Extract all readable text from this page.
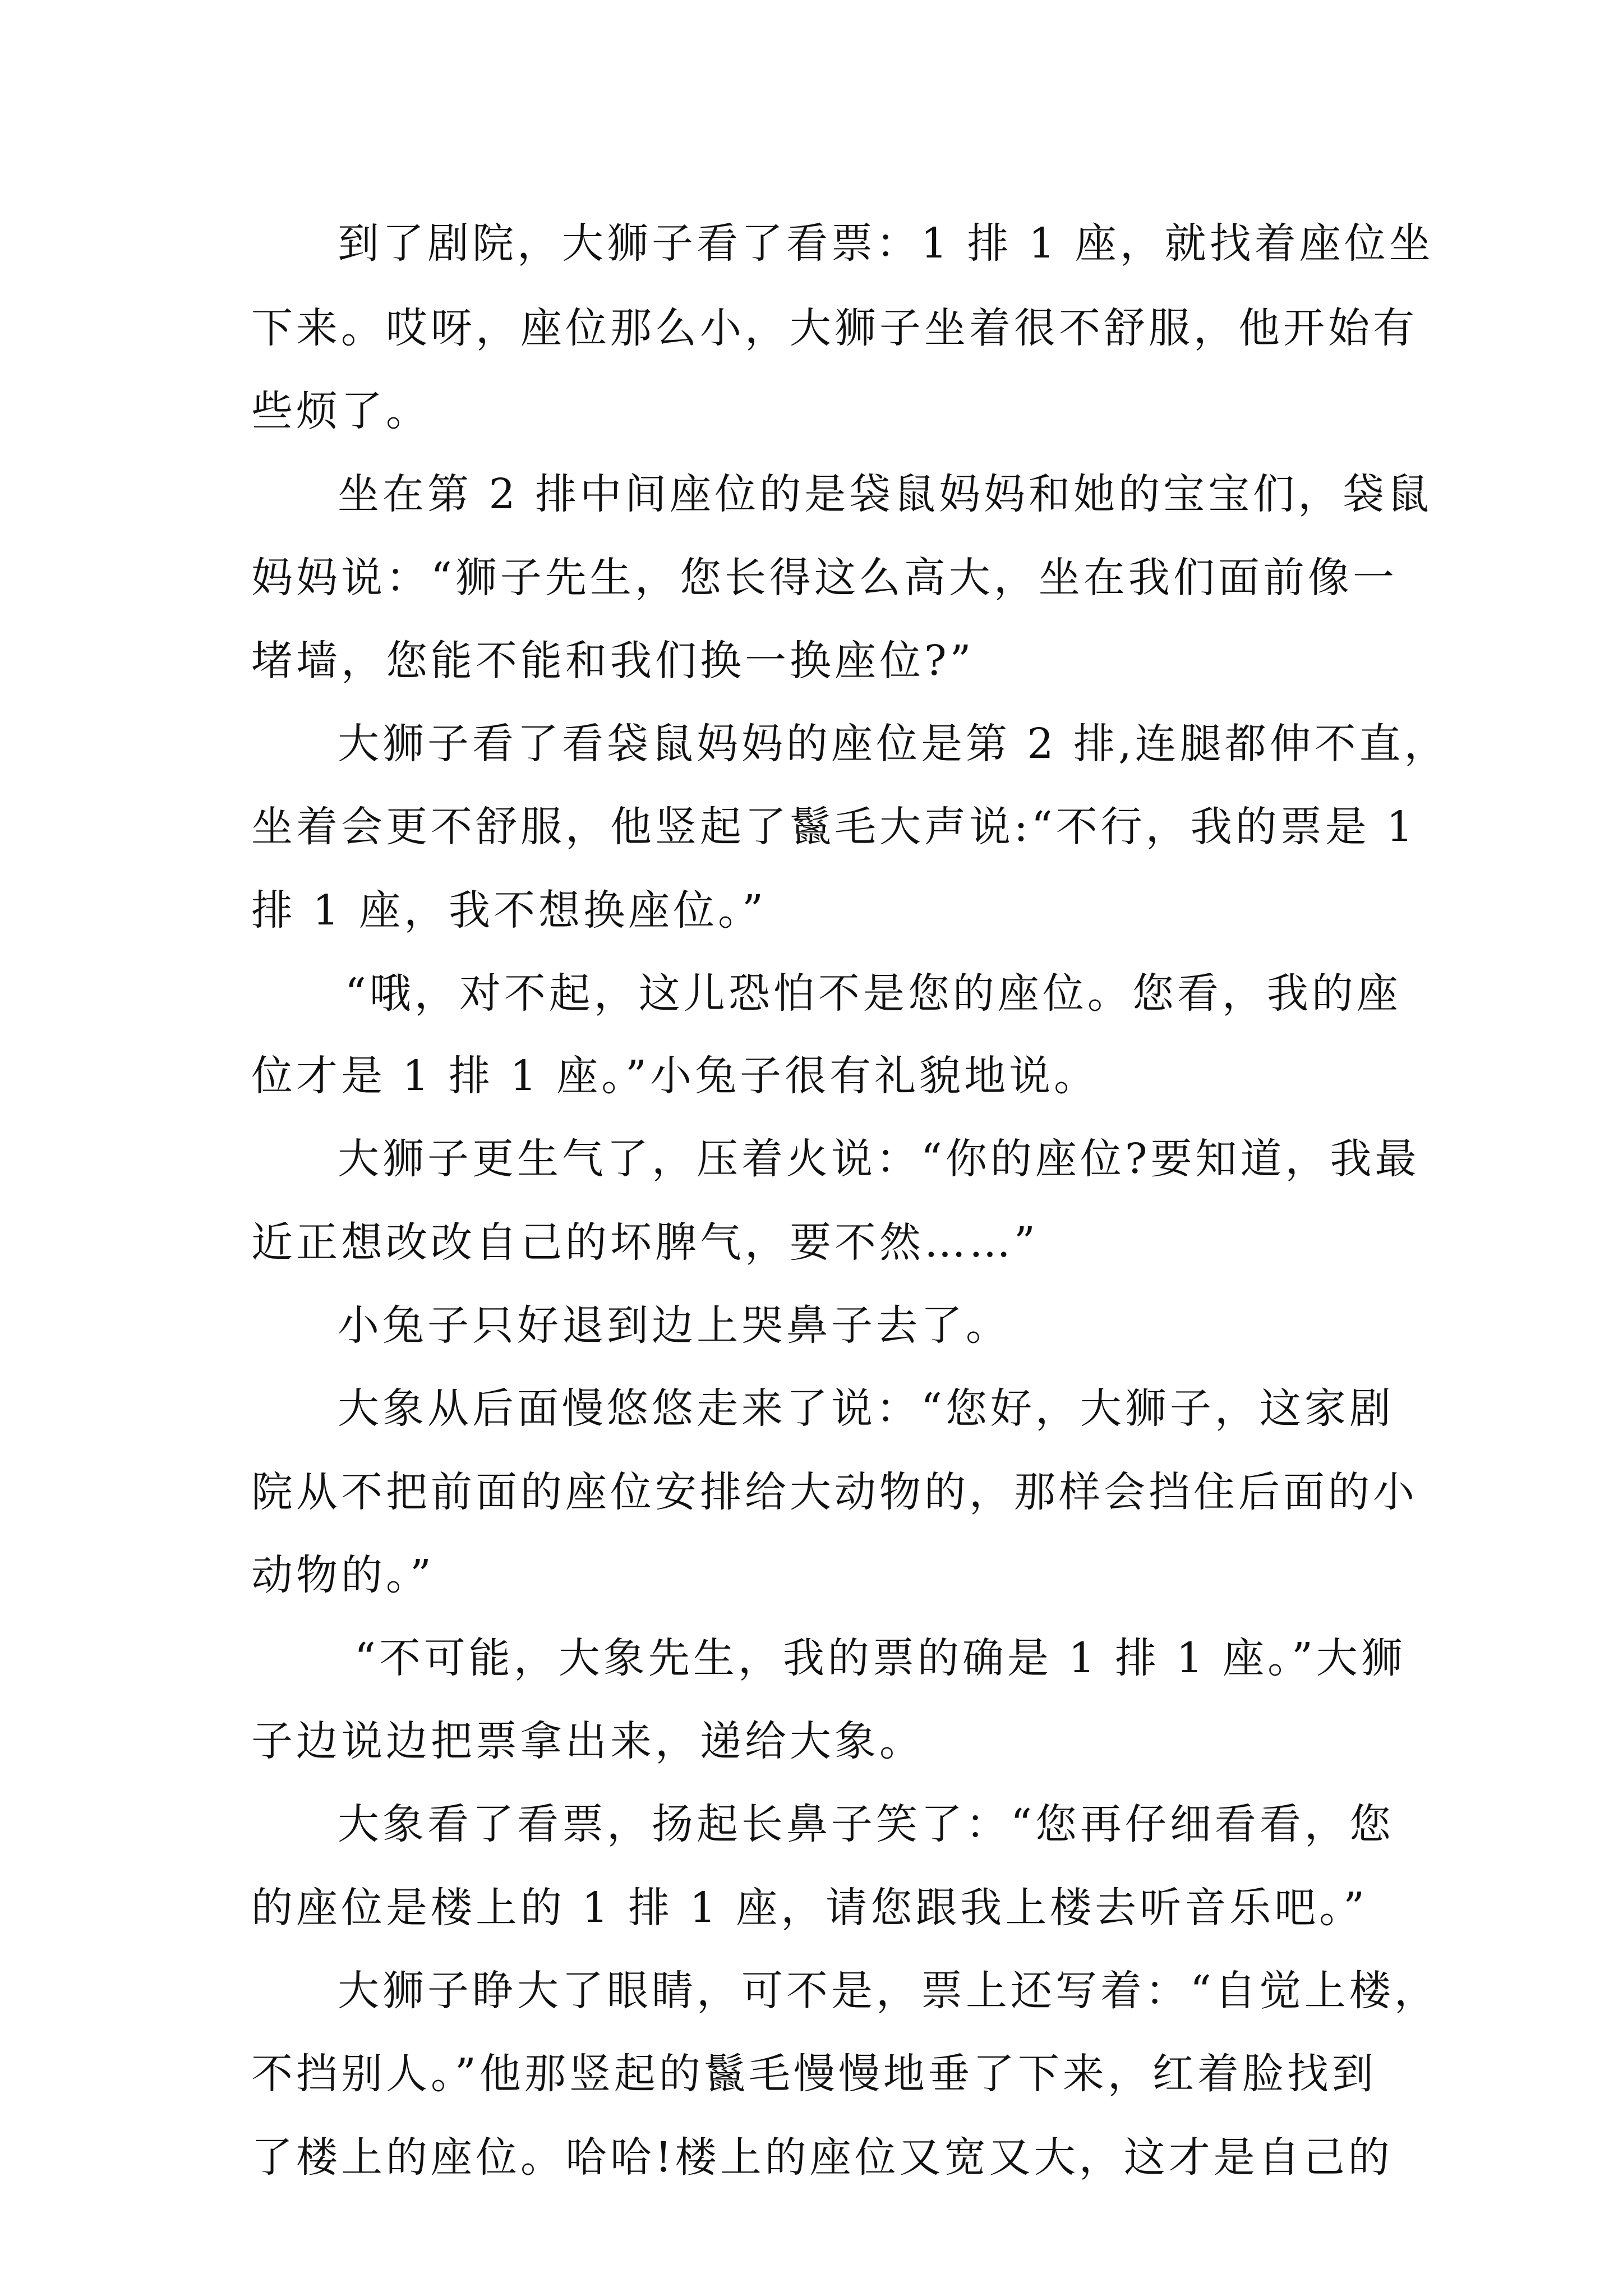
到了剧院，大狮子看了看票：1 排 1 座，就找着座位坐
下来。哎呀，座位那么小，大狮子坐着很不舒服，他开始有
些烦了。
坐在第 2 排中间座位的是袋鼠妈妈和她的宝宝们，袋鼠
妈妈说：“狮子先生，您长得这么高大，坐在我们面前像一
堵墙，您能不能和我们换一换座位?”
大狮子看了看袋鼠妈妈的座位是第 2 排,连腿都伸不直，
坐着会更不舒服，他竖起了鬣毛大声说:“不行，我的票是 1
排 1 座，我不想换座位。”
“哦，对不起，这儿恐怕不是您的座位。您看，我的座
位才是 1 排 1 座。”小兔子很有礼貌地说。
大狮子更生气了，压着火说：“你的座位?要知道，我最
近正想改改自己的坏脾气，要不然……”
小兔子只好退到边上哭鼻子去了。
大象从后面慢悠悠走来了说：“您好，大狮子，这家剧
院从不把前面的座位安排给大动物的，那样会挡住后面的小
动物的。”
“不可能，大象先生，我的票的确是 1 排 1 座。”大狮
子边说边把票拿出来，递给大象。
大象看了看票，扬起长鼻子笑了：“您再仔细看看，您
的座位是楼上的 1 排 1 座，请您跟我上楼去听音乐吧。”
大狮子睁大了眼睛，可不是，票上还写着：“自觉上楼，
不挡别人。”他那竖起的鬣毛慢慢地垂了下来，红着脸找到
了楼上的座位。哈哈!楼上的座位又宽又大，这才是自己的
